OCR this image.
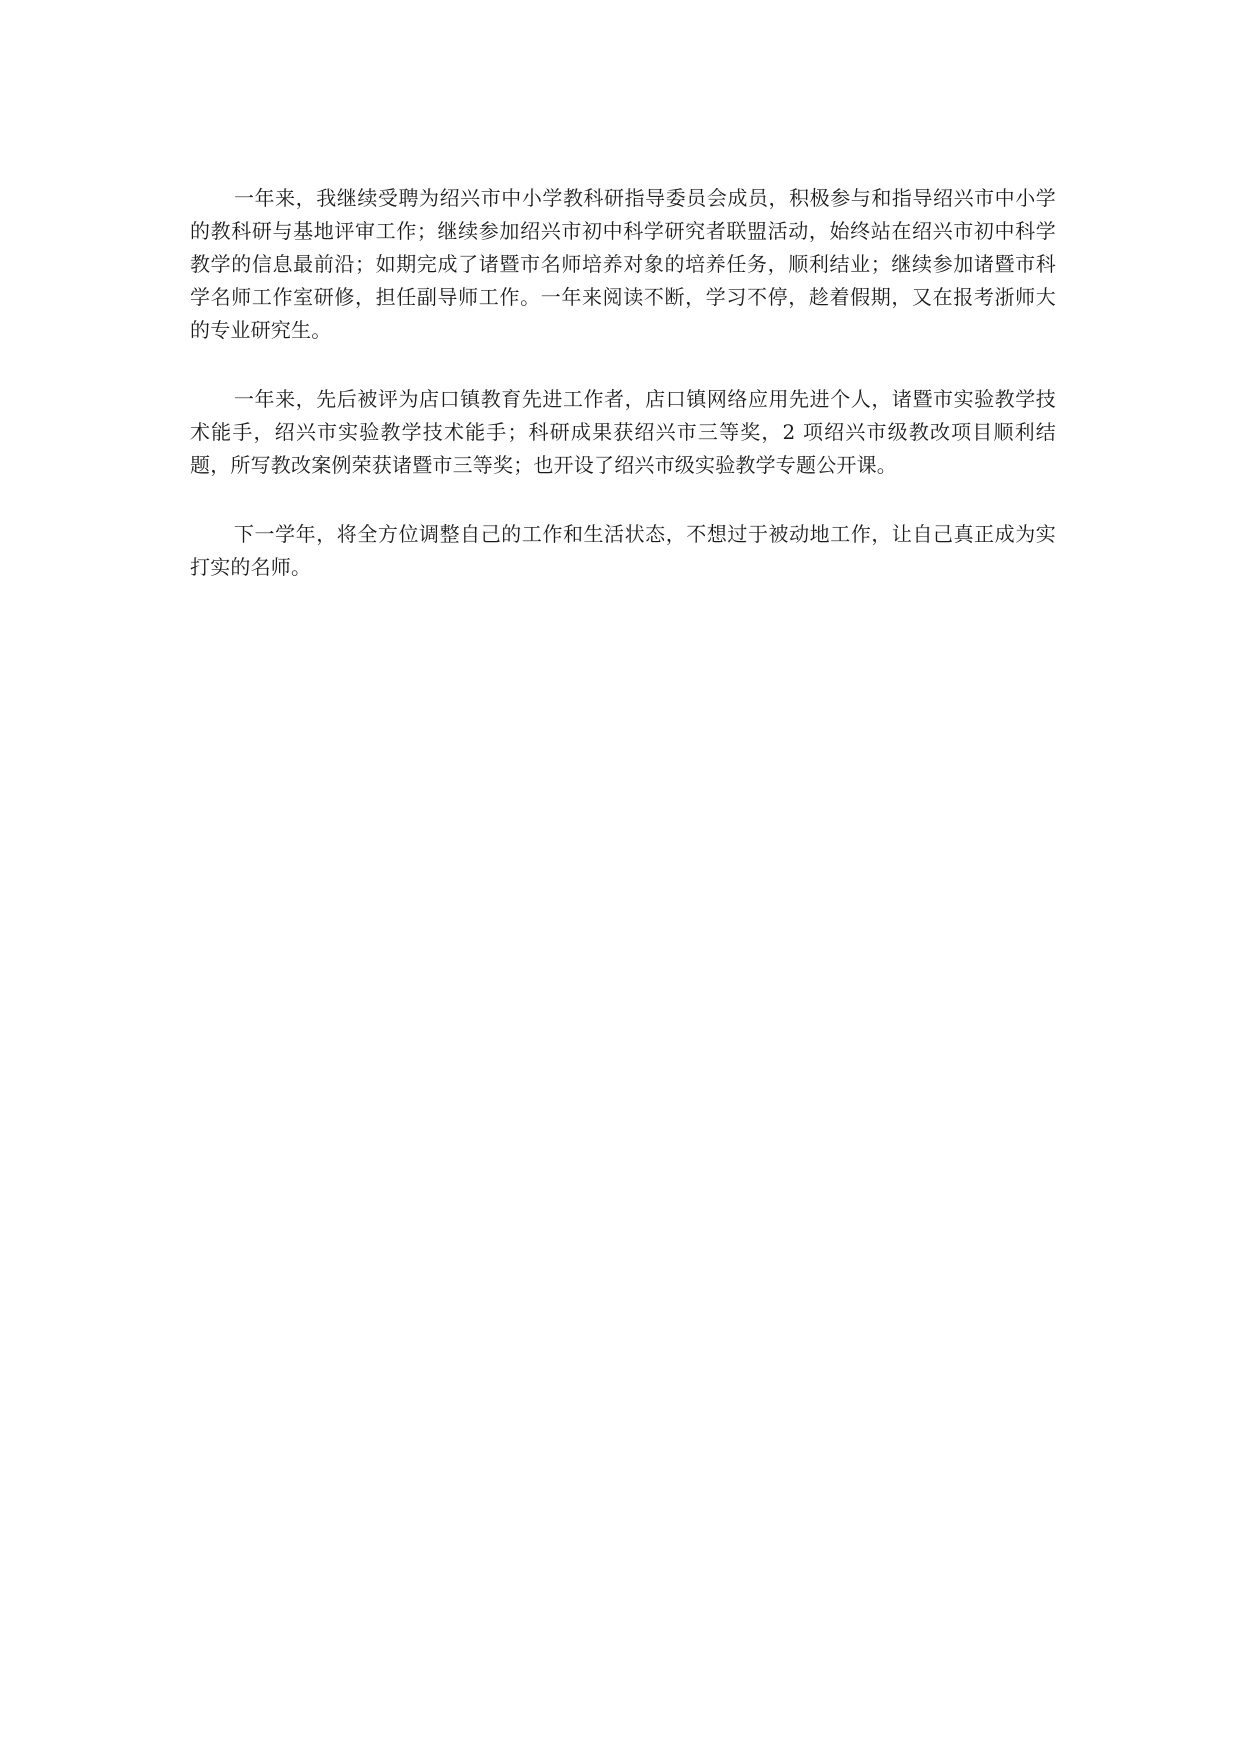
一年来，我继续受聘为绍兴市中小学教科研指导委员会成员，积极参与和指导绍兴市中小学的教科研与基地评审工作；继续参加绍兴市初中科学研究者联盟活动，始终站在绍兴市初中科学教学的信息最前沿；如期完成了诸暨市名师培养对象的培养任务，顺利结业；继续参加诸暨市科学名师工作室研修，担任副导师工作。一年来阅读不断，学习不停，趁着假期，又在报考浙师大的专业研究生。

一年来，先后被评为店口镇教育先进工作者，店口镇网络应用先进个人，诸暨市实验教学技术能手，绍兴市实验教学技术能手；科研成果获绍兴市三等奖，2 项绍兴市级教改项目顺利结题，所写教改案例荣获诸暨市三等奖；也开设了绍兴市级实验教学专题公开课。

下一学年，将全方位调整自己的工作和生活状态，不想过于被动地工作，让自己真正成为实打实的名师。
